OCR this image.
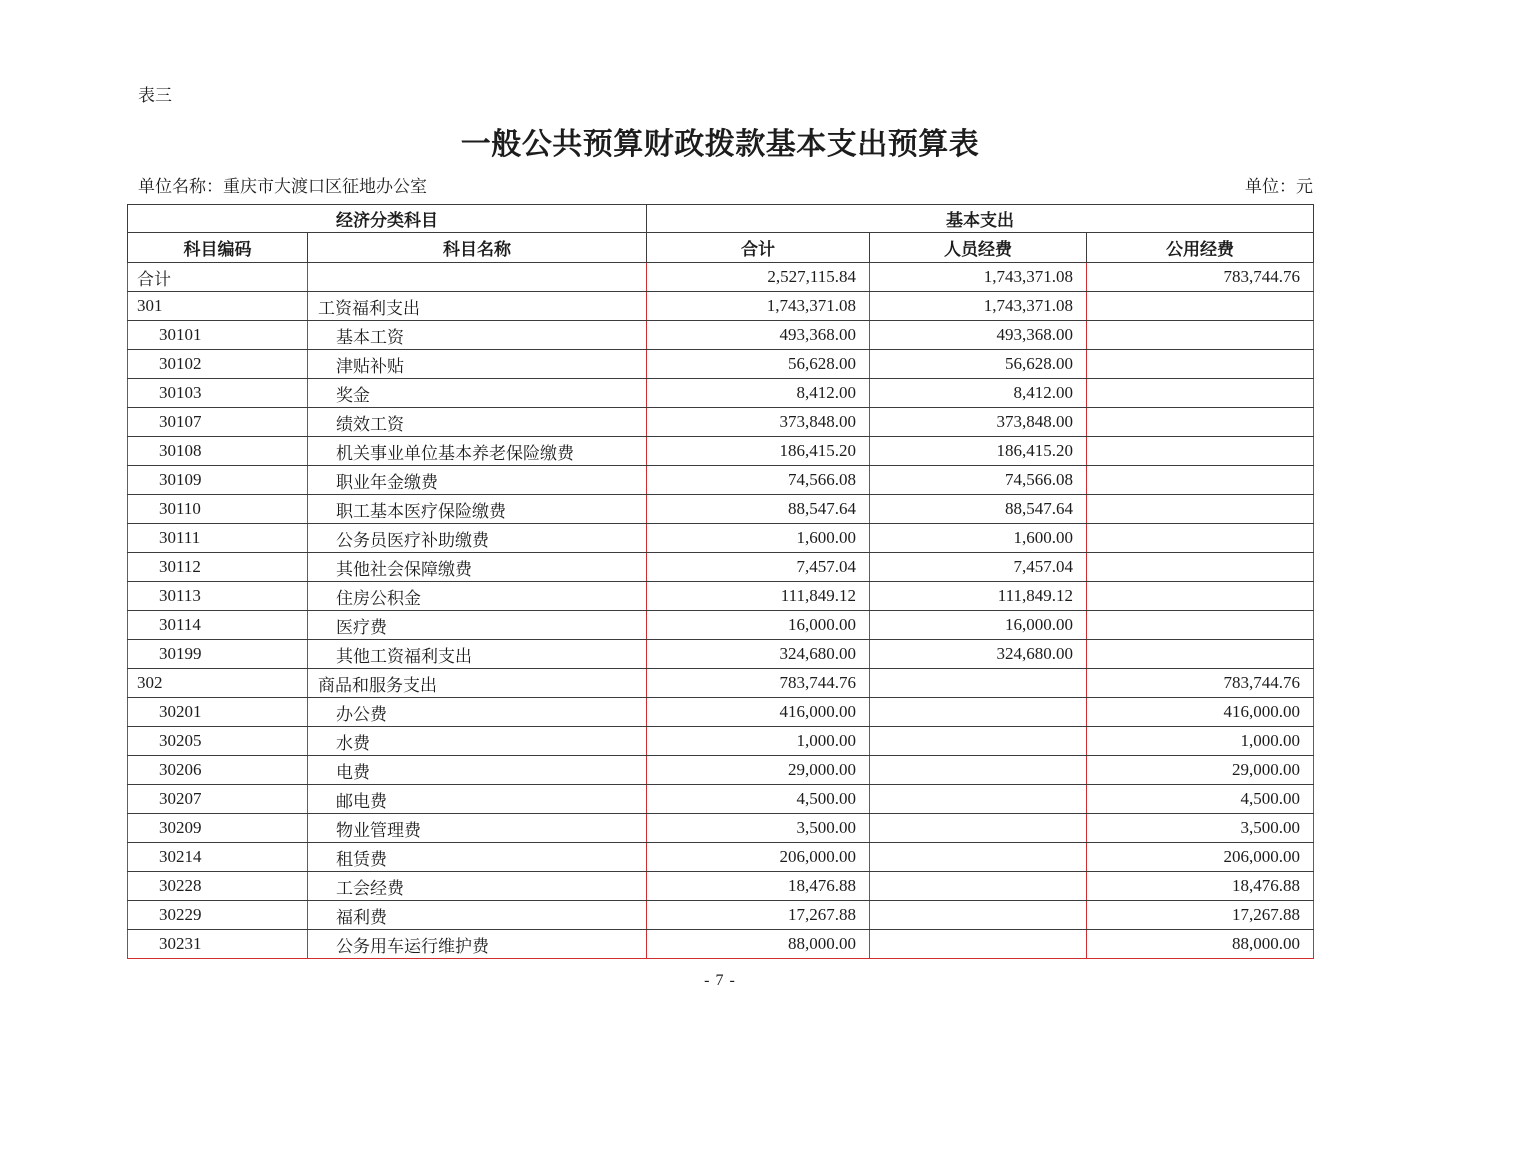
表三
一般公共预算财政拨款基本支出预算表
单位名称：重庆市大渡口区征地办公室	单位：元
经济分类科目		基本支出		
科目编码	科目名称	合计	人员经费	公用经费
合计		2,527,115.84	1,743,371.08	783,744.76
301	工资福利支出	1,743,371.08	1,743,371.08	
30101	基本工资	493,368.00	493,368.00	
30102	津贴补贴	56,628.00	56,628.00	
30103	奖金	8,412.00	8,412.00	
30107	绩效工资	373,848.00	373,848.00	
30108	机关事业单位基本养老保险缴费	186,415.20	186,415.20	
30109	职业年金缴费	74,566.08	74,566.08	
30110	职工基本医疗保险缴费	88,547.64	88,547.64	
30111	公务员医疗补助缴费	1,600.00	1,600.00	
30112	其他社会保障缴费	7,457.04	7,457.04	
30113	住房公积金	111,849.12	111,849.12	
30114	医疗费	16,000.00	16,000.00	
30199	其他工资福利支出	324,680.00	324,680.00	
302	商品和服务支出	783,744.76		783,744.76
30201	办公费	416,000.00		416,000.00
30205	水费	1,000.00		1,000.00
30206	电费	29,000.00		29,000.00
30207	邮电费	4,500.00		4,500.00
30209	物业管理费	3,500.00		3,500.00
30214	租赁费	206,000.00		206,000.00
30228	工会经费	18,476.88		18,476.88
30229	福利费	17,267.88		17,267.88
30231	公务用车运行维护费	88,000.00		88,000.00
- 7 -
